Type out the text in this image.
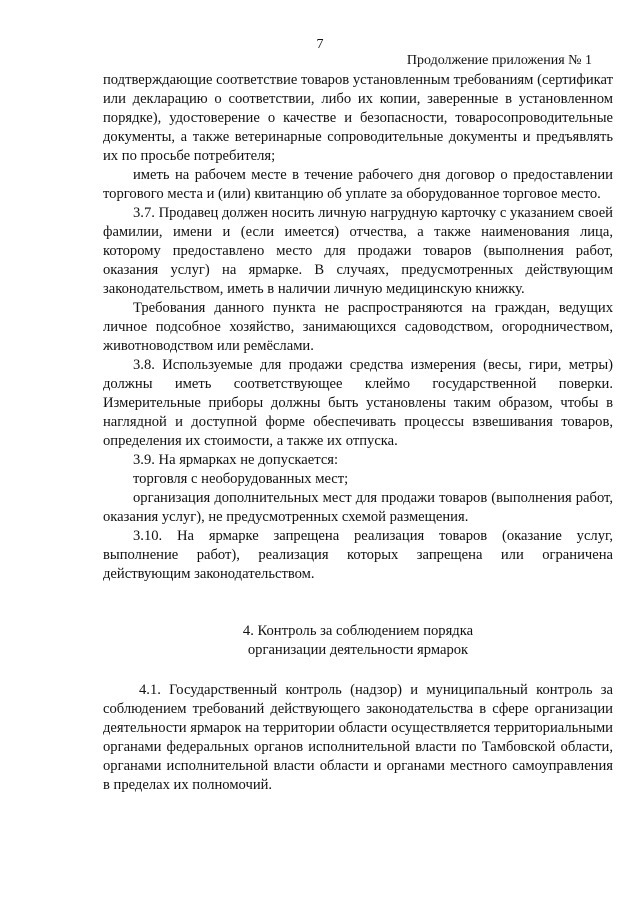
7
Продолжение приложения № 1

подтверждающие соответствие товаров установленным требованиям (сертификат или декларацию о соответствии, либо их копии, заверенные в установленном порядке), удостоверение о качестве и безопасности, товаросопроводительные документы, а также ветеринарные сопроводительные документы и предъявлять их по просьбе потребителя;

иметь на рабочем месте в течение рабочего дня договор о предоставлении торгового места и (или) квитанцию об уплате за оборудованное торговое место.

3.7. Продавец должен носить личную нагрудную карточку с указанием своей фамилии, имени и (если имеется) отчества, а также наименования лица, которому предоставлено место для продажи товаров (выполнения работ, оказания услуг) на ярмарке. В случаях, предусмотренных действующим законодательством, иметь в наличии личную медицинскую книжку.

Требования данного пункта не распространяются на граждан, ведущих личное подсобное хозяйство, занимающихся садоводством, огородничеством, животноводством или ремёслами.

3.8. Используемые для продажи средства измерения (весы, гири, метры) должны иметь соответствующее клеймо государственной поверки. Измерительные приборы должны быть установлены таким образом, чтобы в наглядной и доступной форме обеспечивать процессы взвешивания товаров, определения их стоимости, а также их отпуска.

3.9. На ярмарках не допускается:

торговля с необорудованных мест;

организация дополнительных мест для продажи товаров (выполнения работ, оказания услуг), не предусмотренных схемой размещения.

3.10. На ярмарке запрещена реализация товаров (оказание услуг, выполнение работ), реализация которых запрещена или ограничена действующим законодательством.

4. Контроль за соблюдением порядка
организации деятельности ярмарок

4.1. Государственный контроль (надзор) и муниципальный контроль за соблюдением требований действующего законодательства в сфере организации деятельности ярмарок на территории области осуществляется территориальными органами федеральных органов исполнительной власти по Тамбовской области, органами исполнительной власти области и органами местного самоуправления в пределах их полномочий.
